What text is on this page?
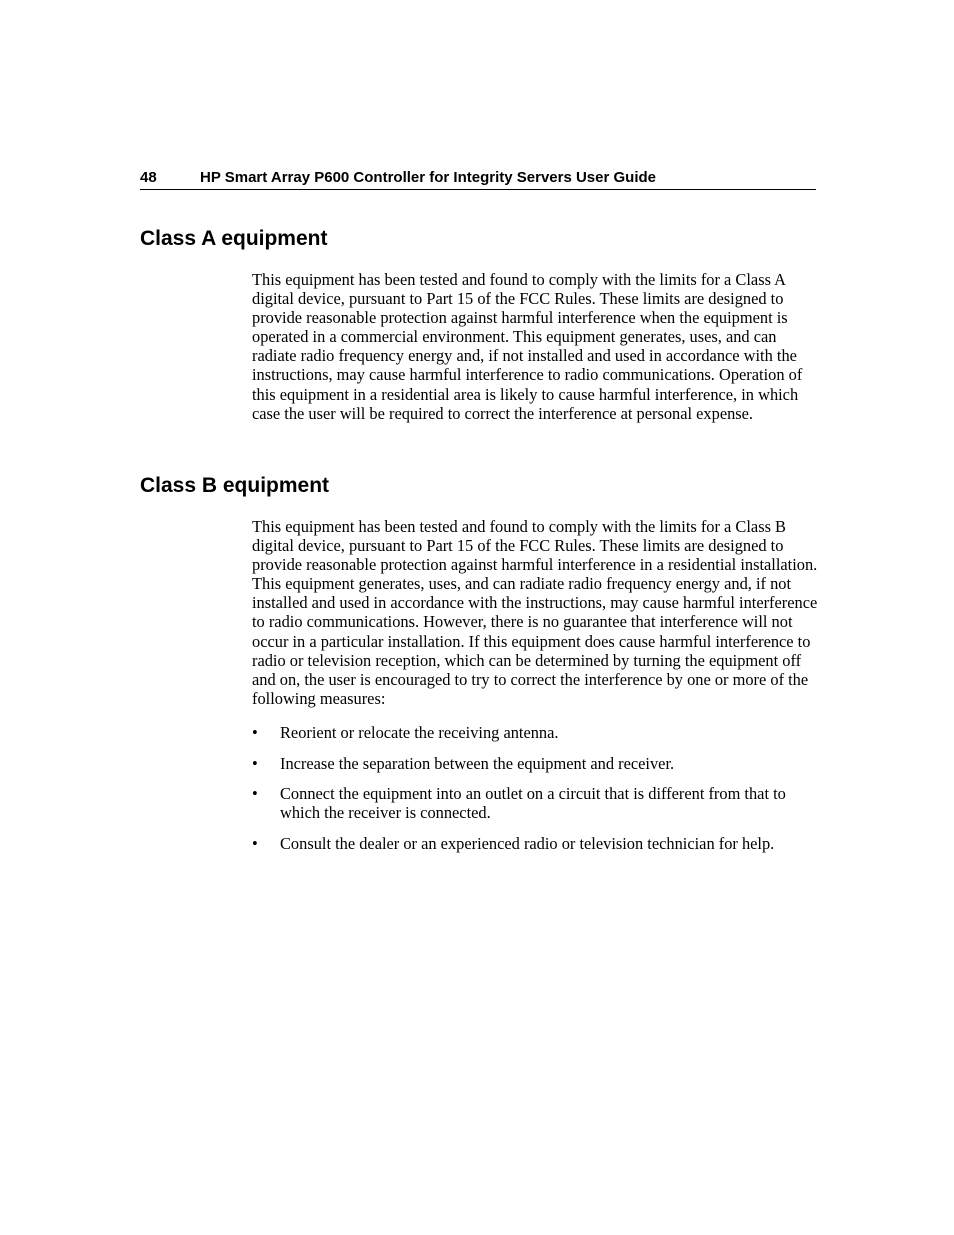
48	HP Smart Array P600 Controller for Integrity Servers User Guide
Class A equipment

This equipment has been tested and found to comply with the limits for a Class A digital device, pursuant to Part 15 of the FCC Rules. These limits are designed to provide reasonable protection against harmful interference when the equipment is operated in a commercial environment. This equipment generates, uses, and can radiate radio frequency energy and, if not installed and used in accordance with the instructions, may cause harmful interference to radio communications. Operation of this equipment in a residential area is likely to cause harmful interference, in which case the user will be required to correct the interference at personal expense.

Class B equipment

This equipment has been tested and found to comply with the limits for a Class B digital device, pursuant to Part 15 of the FCC Rules. These limits are designed to provide reasonable protection against harmful interference in a residential installation. This equipment generates, uses, and can radiate radio frequency energy and, if not installed and used in accordance with the instructions, may cause harmful interference to radio communications. However, there is no guarantee that interference will not occur in a particular installation. If this equipment does cause harmful interference to radio or television reception, which can be determined by turning the equipment off and on, the user is encouraged to try to correct the interference by one or more of the following measures:

• Reorient or relocate the receiving antenna.
• Increase the separation between the equipment and receiver.
• Connect the equipment into an outlet on a circuit that is different from that to which the receiver is connected.
• Consult the dealer or an experienced radio or television technician for help.
